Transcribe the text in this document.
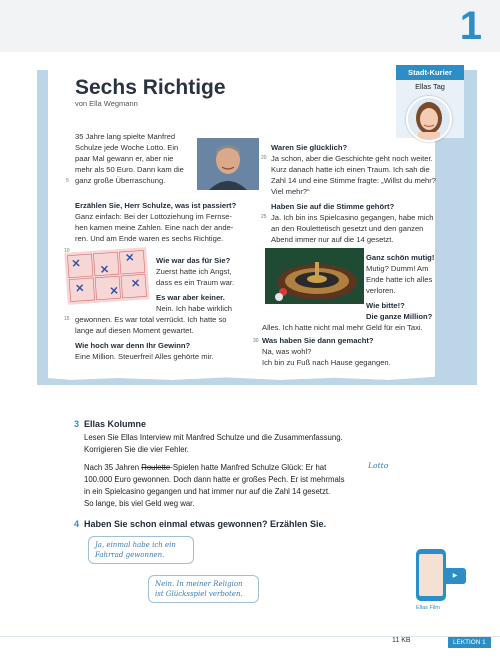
1
Sechs Richtige
von Ella Wegmann
Stadt-Kurier
Ellas Tag
35 Jahre lang spielte Manfred
Schulze jede Woche Lotto. Ein
paar Mal gewann er, aber nie
mehr als 50 Euro. Dann kam die
ganz große Überraschung.
5
Erzählen Sie, Herr Schulze, was ist passiert?
Ganz einfach: Bei der Lottoziehung im Fernse-
hen kamen meine Zahlen. Eine nach der ande-
ren. Und am Ende waren es sechs Richtige.
10
Wie war das für Sie?
Zuerst hatte ich Angst,
dass es ein Traum war.
Es war aber keiner.
Nein. Ich habe wirklich
15 gewonnen. Es war total verrückt. Ich hatte so
lange auf diesen Moment gewartet.
Wie hoch war denn Ihr Gewinn?
Eine Million. Steuerfrei! Alles gehörte mir.
Waren Sie glücklich?
20 Ja schon, aber die Geschichte geht noch weiter.
Kurz danach hatte ich einen Traum. Ich sah die
Zahl 14 und eine Stimme fragte: „Willst du mehr?
Viel mehr?“
Haben Sie auf die Stimme gehört?
25 Ja. Ich bin ins Spielcasino gegangen, habe mich
an den Roulettetisch gesetzt und den ganzen
Abend immer nur auf die 14 gesetzt.
Ganz schön mutig!
Mutig? Dumm! Am
Ende hatte ich alles
verloren.
Wie bitte!?
Die ganze Million?
Alles. Ich hatte nicht mal mehr Geld für ein Taxi.
Was haben Sie dann gemacht?
30
Na, was wohl?
Ich bin zu Fuß nach Hause gegangen.
3 Ellas Kolumne
Lesen Sie Ellas Interview mit Manfred Schulze und die Zusammenfassung.
Korrigieren Sie die vier Fehler.
Nach 35 Jahren Roulette-Spielen hatte Manfred Schulze Glück: Er hat	Lotto
100.000 Euro gewonnen. Doch dann hatte er großes Pech. Er ist mehrmals
in ein Spielcasino gegangen und hat immer nur auf die Zahl 14 gesetzt.
So lange, bis viel Geld weg war.
4 Haben Sie schon einmal etwas gewonnen? Erzählen Sie.
Ja, einmal habe ich ein
Fahrrad gewonnen.
Nein. In meiner Religion
ist Glücksspiel verboten.
▶
Ellas Film
11 KB	LEKTION 1
